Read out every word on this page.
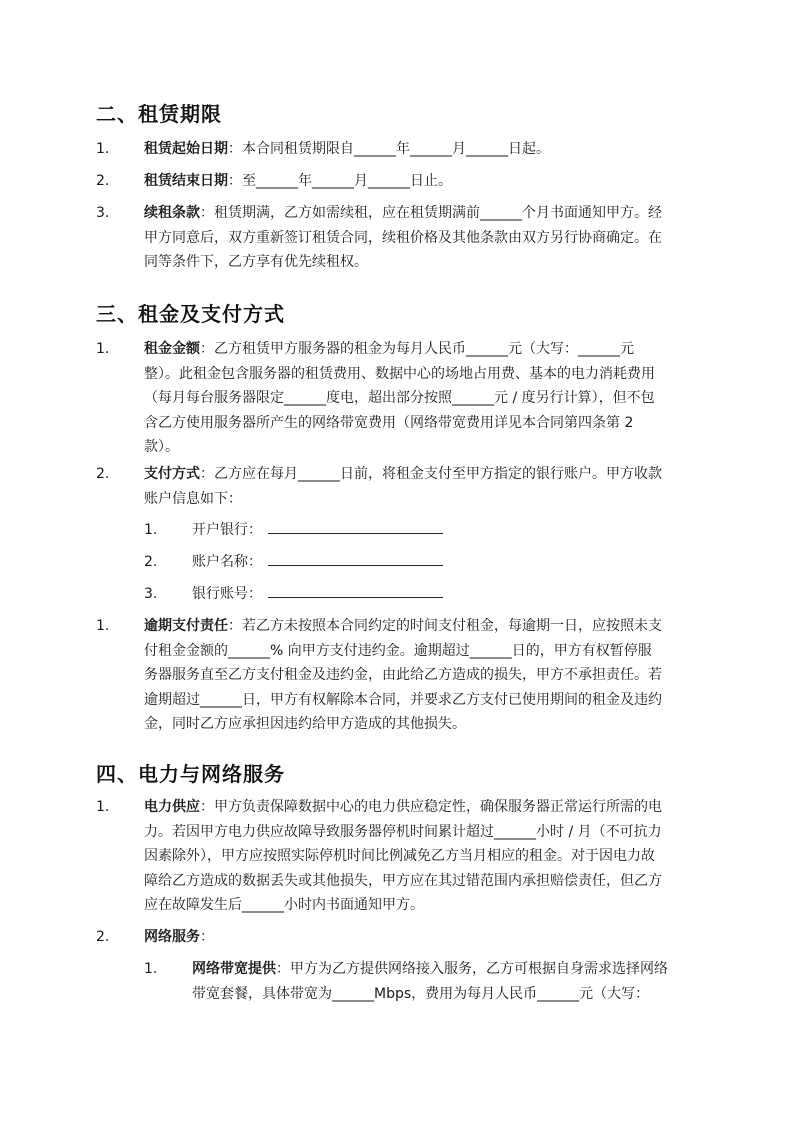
二、租赁期限
1. 租赁起始日期：本合同租赁期限自______年______月______日起。
2. 租赁结束日期：至______年______月______日止。
3. 续租条款：租赁期满，乙方如需续租，应在租赁期满前______个月书面通知甲方。经
甲方同意后，双方重新签订租赁合同，续租价格及其他条款由双方另行协商确定。在
同等条件下，乙方享有优先续租权。
三、租金及支付方式
1. 租金金额：乙方租赁甲方服务器的租金为每月人民币______元（大写：______元
整）。此租金包含服务器的租赁费用、数据中心的场地占用费、基本的电力消耗费用
（每月每台服务器限定______度电，超出部分按照______元 / 度另行计算），但不包
含乙方使用服务器所产生的网络带宽费用（网络带宽费用详见本合同第四条第 2
款）。
2. 支付方式：乙方应在每月______日前，将租金支付至甲方指定的银行账户。甲方收款
账户信息如下：
1. 开户银行：
2. 账户名称：
3. 银行账号：
1. 逾期支付责任：若乙方未按照本合同约定的时间支付租金，每逾期一日，应按照未支
付租金金额的______% 向甲方支付违约金。逾期超过______日的，甲方有权暂停服
务器服务直至乙方支付租金及违约金，由此给乙方造成的损失，甲方不承担责任。若
逾期超过______日，甲方有权解除本合同，并要求乙方支付已使用期间的租金及违约
金，同时乙方应承担因违约给甲方造成的其他损失。
四、电力与网络服务
1. 电力供应：甲方负责保障数据中心的电力供应稳定性，确保服务器正常运行所需的电
力。若因甲方电力供应故障导致服务器停机时间累计超过______小时 / 月（不可抗力
因素除外），甲方应按照实际停机时间比例减免乙方当月相应的租金。对于因电力故
障给乙方造成的数据丢失或其他损失，甲方应在其过错范围内承担赔偿责任，但乙方
应在故障发生后______小时内书面通知甲方。
2. 网络服务：
1. 网络带宽提供：甲方为乙方提供网络接入服务，乙方可根据自身需求选择网络
带宽套餐，具体带宽为______Mbps，费用为每月人民币______元（大写：
